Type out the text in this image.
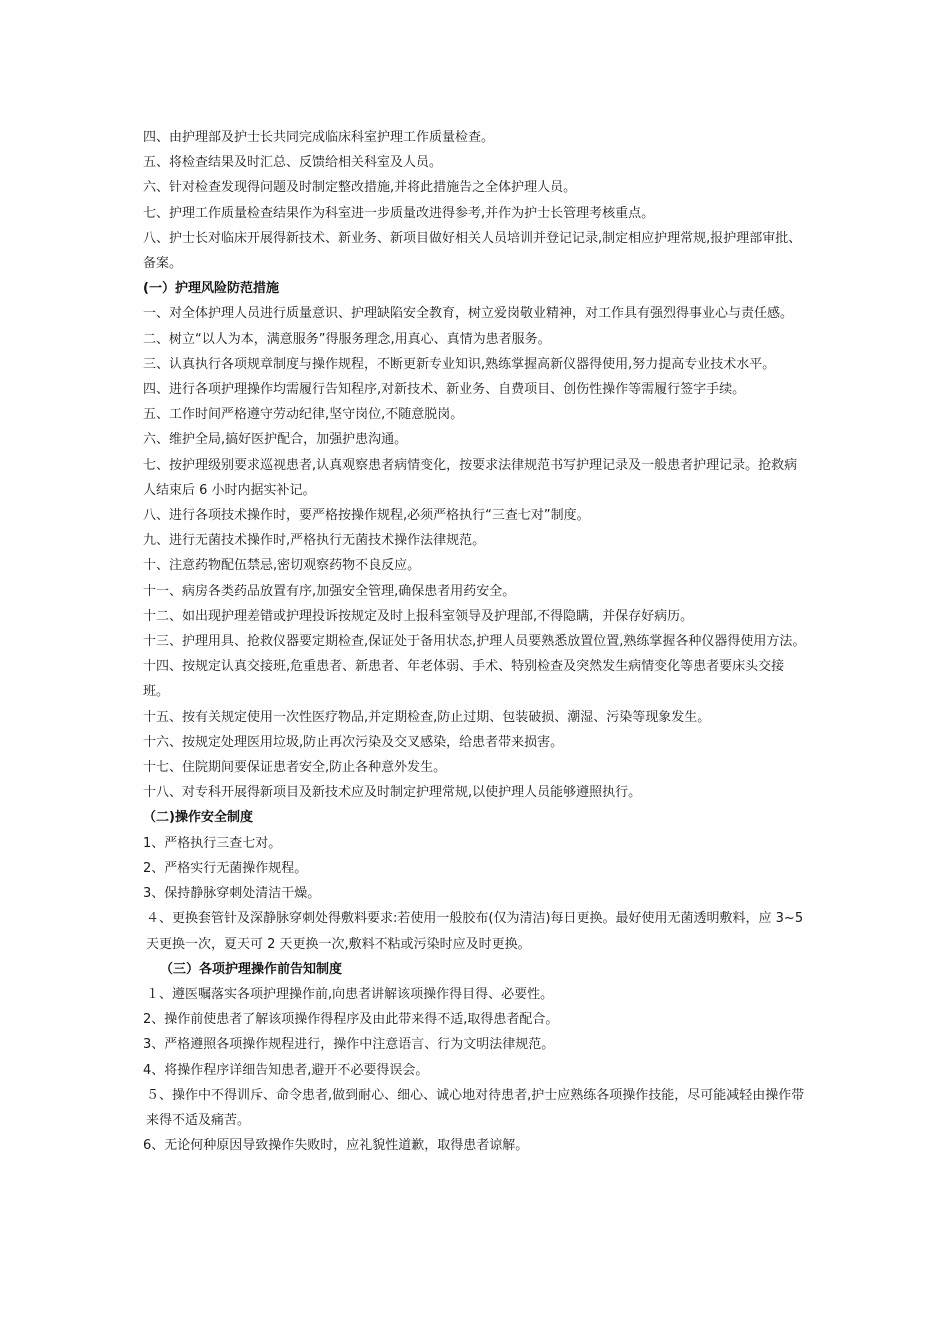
四、由护理部及护士长共同完成临床科室护理工作质量检查。

五、将检查结果及时汇总、反馈给相关科室及人员。

六、针对检查发现得问题及时制定整改措施,并将此措施告之全体护理人员。

七、护理工作质量检查结果作为科室进一步质量改进得参考,并作为护士长管理考核重点。

八、护士长对临床开展得新技术、新业务、新项目做好相关人员培训并登记记录,制定相应护理常规,报护理部审批、备案。

(一）护理风险防范措施

一、对全体护理人员进行质量意识、护理缺陷安全教育，树立爱岗敬业精神，对工作具有强烈得事业心与责任感。

二、树立“以人为本，满意服务”得服务理念,用真心、真情为患者服务。

三、认真执行各项规章制度与操作规程，不断更新专业知识,熟练掌握高新仪器得使用,努力提高专业技术水平。

四、进行各项护理操作均需履行告知程序,对新技术、新业务、自费项目、创伤性操作等需履行签字手续。

五、工作时间严格遵守劳动纪律,坚守岗位,不随意脱岗。

六、维护全局,搞好医护配合，加强护患沟通。

七、按护理级别要求巡视患者,认真观察患者病情变化，按要求法律规范书写护理记录及一般患者护理记录。抢救病人结束后 6 小时内据实补记。

八、进行各项技术操作时，要严格按操作规程,必须严格执行“三查七对”制度。

九、进行无菌技术操作时,严格执行无菌技术操作法律规范。

十、注意药物配伍禁忌,密切观察药物不良反应。

十一、病房各类药品放置有序,加强安全管理,确保患者用药安全。

十二、如出现护理差错或护理投诉按规定及时上报科室领导及护理部,不得隐瞒，并保存好病历。

十三、护理用具、抢救仪器要定期检查,保证处于备用状态,护理人员要熟悉放置位置,熟练掌握各种仪器得使用方法。

十四、按规定认真交接班,危重患者、新患者、年老体弱、手术、特别检查及突然发生病情变化等患者要床头交接班。

十五、按有关规定使用一次性医疗物品,并定期检查,防止过期、包装破损、潮湿、污染等现象发生。

十六、按规定处理医用垃圾,防止再次污染及交叉感染，给患者带来损害。

十七、住院期间要保证患者安全,防止各种意外发生。

十八、对专科开展得新项目及新技术应及时制定护理常规,以使护理人员能够遵照执行。

（二)操作安全制度

1、严格执行三查七对。

2、严格实行无菌操作规程。

3、保持静脉穿刺处清洁干燥。

４、更换套管针及深静脉穿刺处得敷料要求:若使用一般胶布(仅为清洁)每日更换。最好使用无菌透明敷料，应 3~5 天更换一次，夏天可 2 天更换一次,敷料不粘或污染时应及时更换。

（三）各项护理操作前告知制度

１、遵医嘱落实各项护理操作前,向患者讲解该项操作得目得、必要性。

2、操作前使患者了解该项操作得程序及由此带来得不适,取得患者配合。

3、严格遵照各项操作规程进行，操作中注意语言、行为文明法律规范。

4、将操作程序详细告知患者,避开不必要得误会。

５、操作中不得训斥、命令患者,做到耐心、细心、诚心地对待患者,护士应熟练各项操作技能，尽可能减轻由操作带来得不适及痛苦。

6、无论何种原因导致操作失败时，应礼貌性道歉，取得患者谅解。
